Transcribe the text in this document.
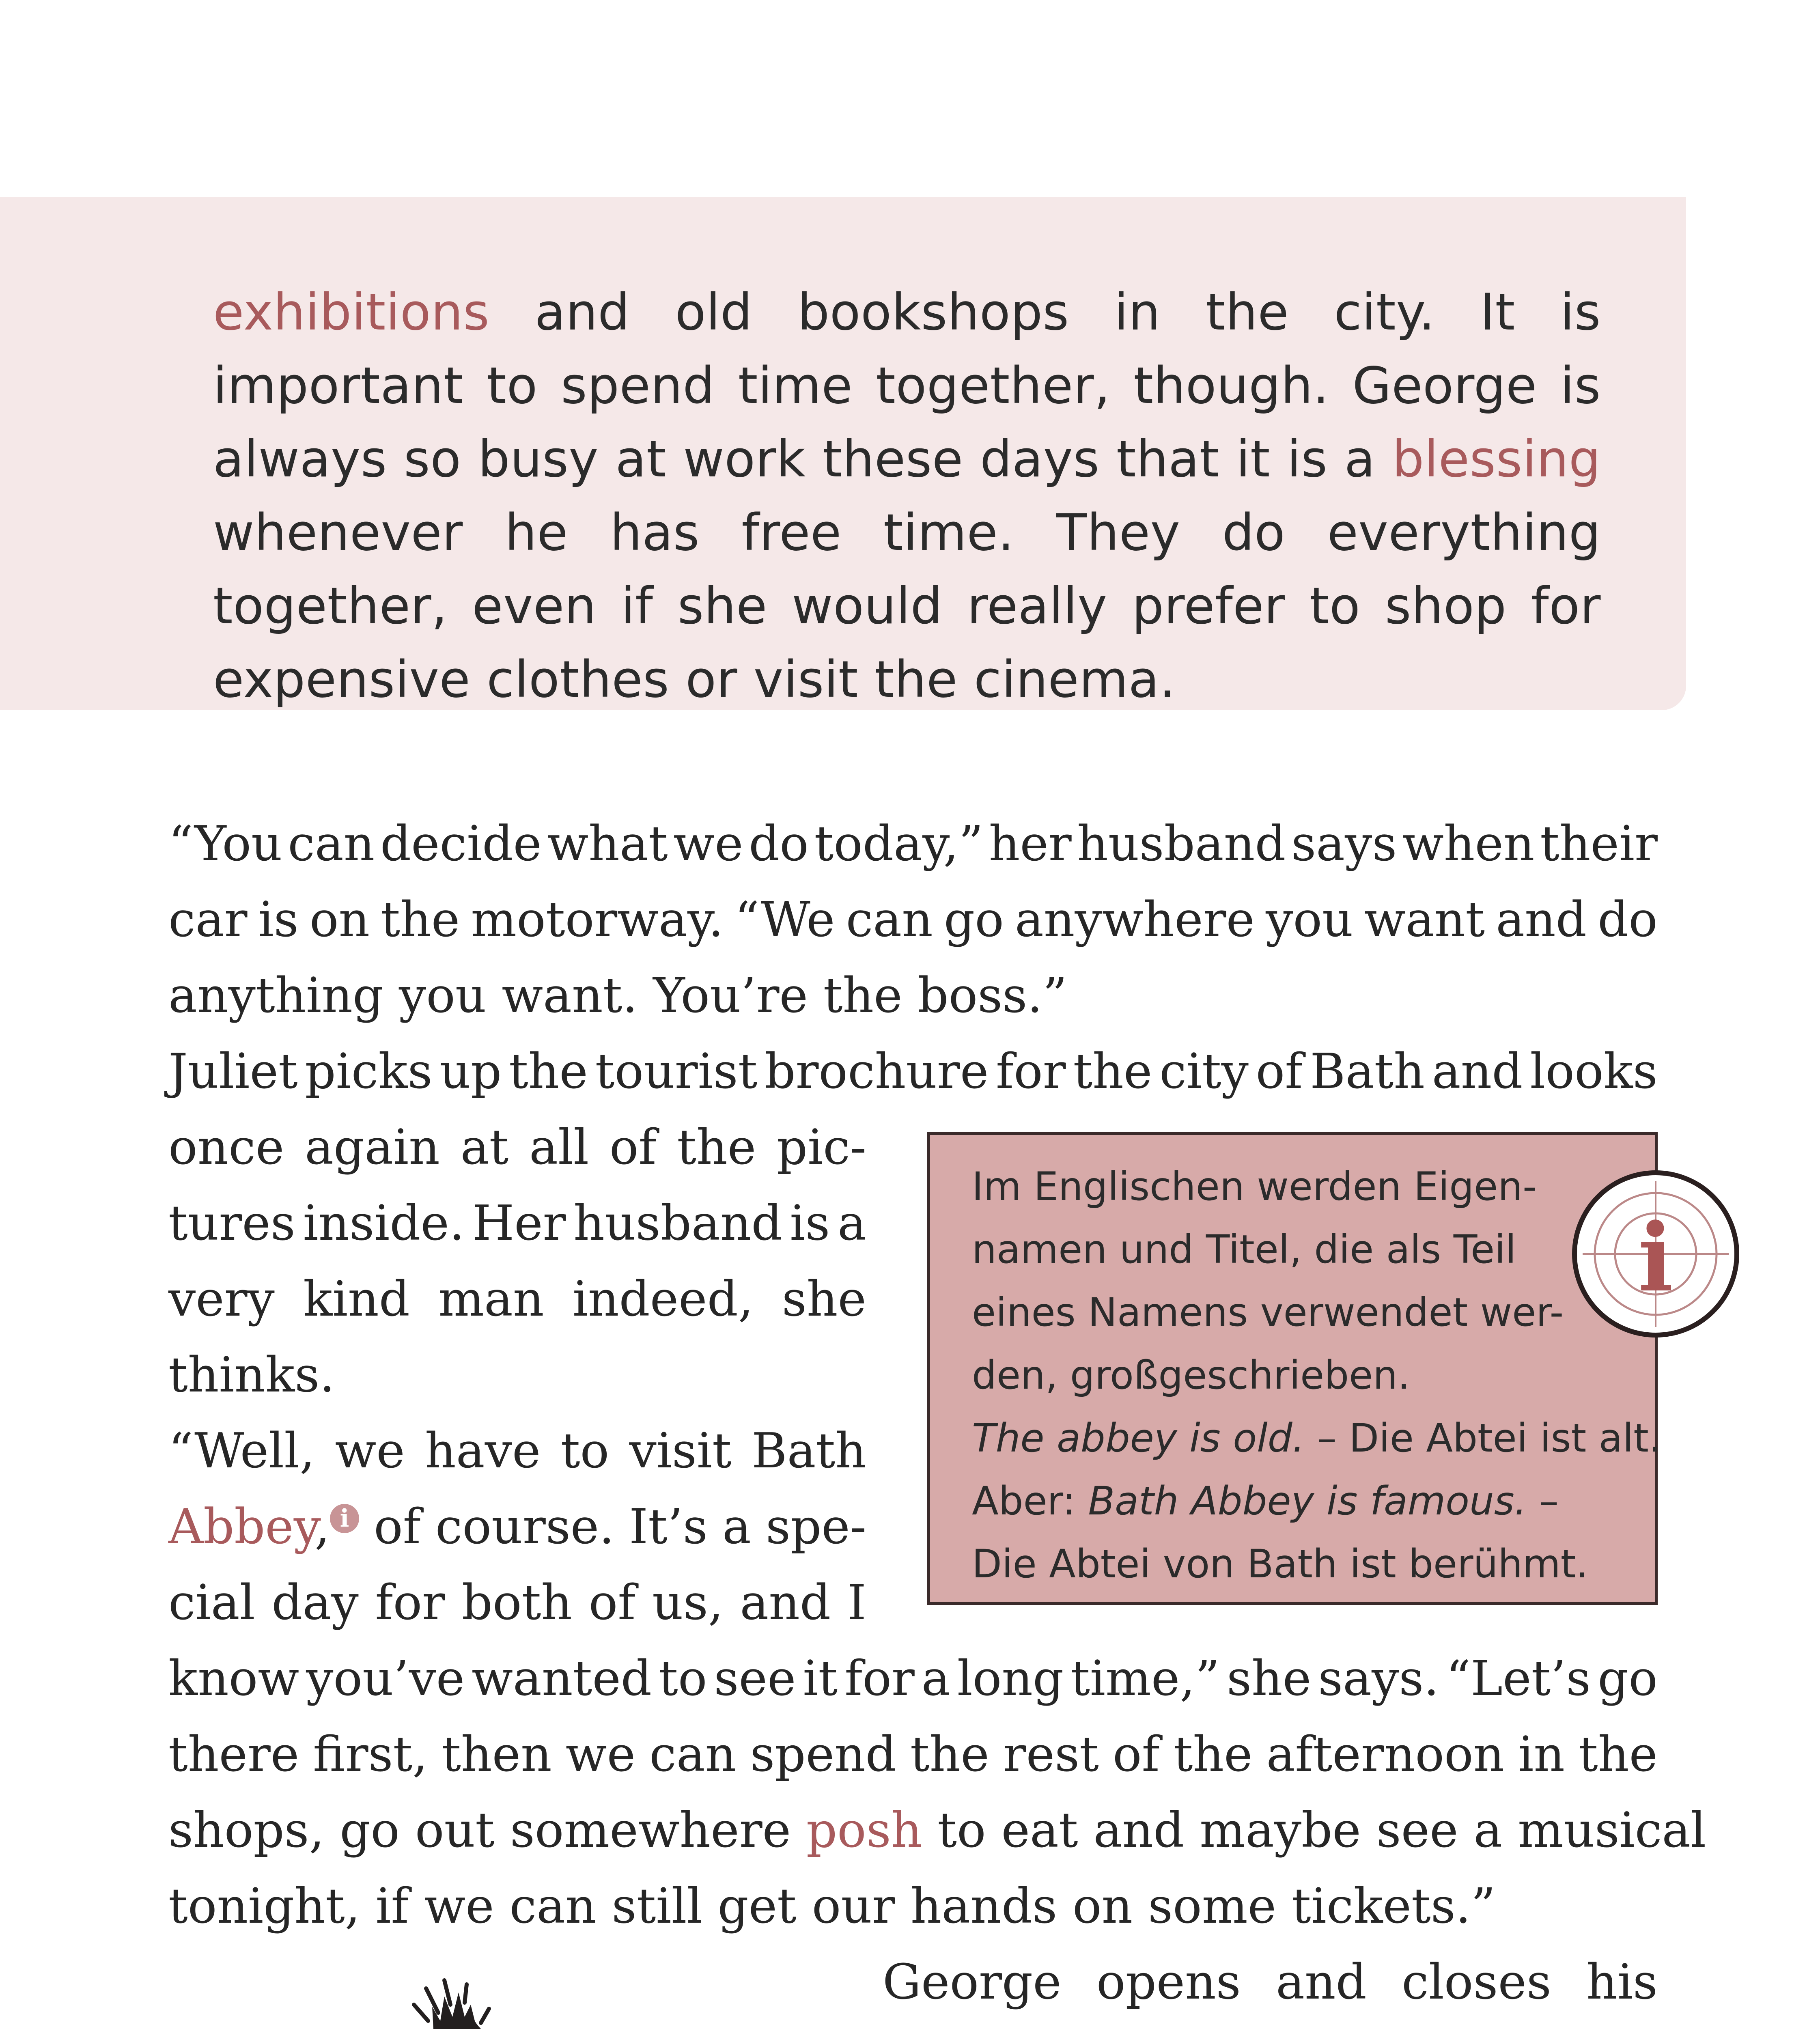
exhibitions and old bookshops in the city. It is important to spend time together, though. George is always so busy at work these days that it is a blessing whenever he has free time. They do everything together, even if she would really prefer to shop for expensive clothes or visit the cinema.

“You can decide what we do today,” her husband says when their
car is on the motorway. “We can go anywhere you want and do
anything you want. You’re the boss.”
Juliet picks up the tourist brochure for the city of Bath and looks
once again at all of the pic-
tures inside. Her husband is a
very kind man indeed, she
thinks.
“Well, we have to visit Bath
Abbey, i of course. It’s a spe-
cial day for both of us, and I
know you’ve wanted to see it for a long time,” she says. “Let’s go
there first, then we can spend the rest of the afternoon in the
shops, go out somewhere posh to eat and maybe see a musical
tonight, if we can still get our hands on some tickets.”
George opens and closes his
Im Englischen werden Eigen-
namen und Titel, die als Teil
eines Namens verwendet wer-
den, großgeschrieben.
The abbey is old. – Die Abtei ist alt.
Aber: Bath Abbey is famous. –
Die Abtei von Bath ist berühmt.
i
